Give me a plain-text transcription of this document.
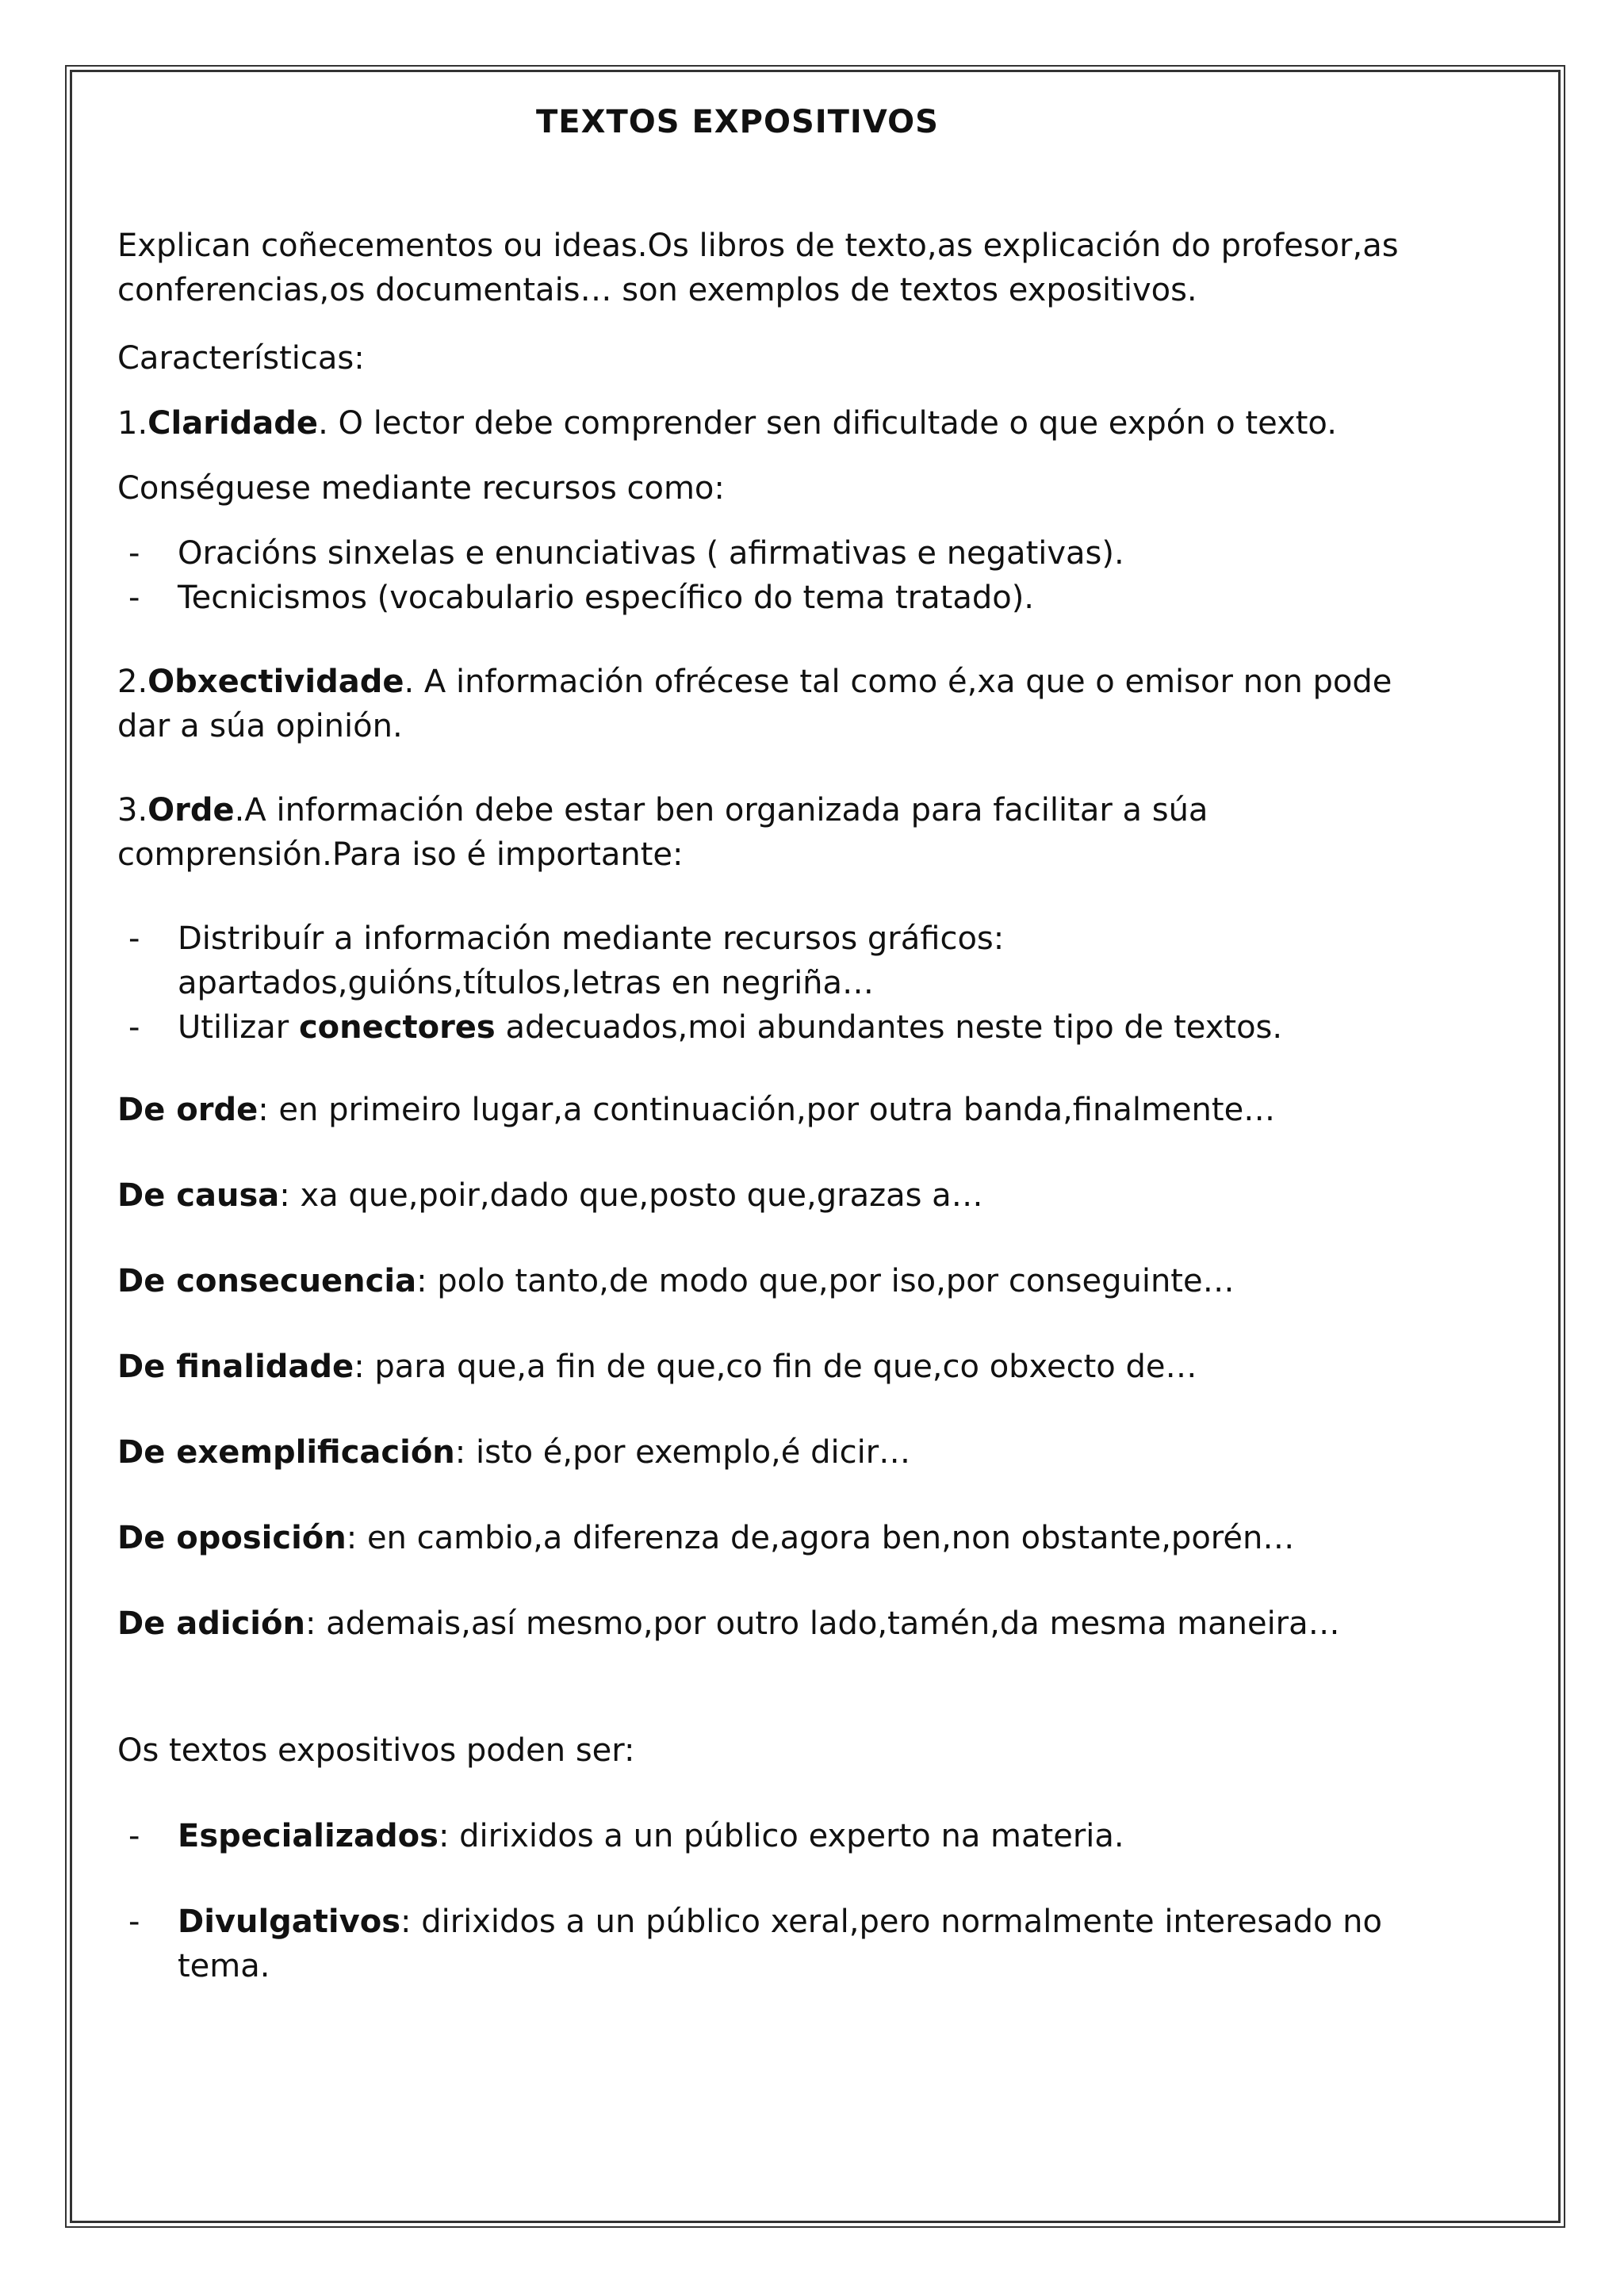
TEXTOS EXPOSITIVOS

Explican coñecementos ou ideas.Os libros de texto,as explicación do profesor,as

conferencias,os documentais… son exemplos de textos expositivos.

Características:

1.Claridade. O lector debe comprender sen dificultade o que expón o texto.

Conséguese mediante recursos como:

- Oracións sinxelas e enunciativas ( afirmativas e negativas).

- Tecnicismos (vocabulario específico do tema tratado).

2.Obxectividade. A información ofrécese tal como é,xa que o emisor non pode

dar a súa opinión.

3.Orde.A información debe estar ben organizada para facilitar a súa

comprensión.Para iso é importante:

- Distribuír a información mediante recursos gráficos:

apartados,guións,títulos,letras en negriña…

- Utilizar conectores adecuados,moi abundantes neste tipo de textos.

De orde: en primeiro lugar,a continuación,por outra banda,finalmente…

De causa: xa que,poir,dado que,posto que,grazas a…

De consecuencia: polo tanto,de modo que,por iso,por conseguinte…

De finalidade: para que,a fin de que,co fin de que,co obxecto de…

De exemplificación: isto é,por exemplo,é dicir…

De oposición: en cambio,a diferenza de,agora ben,non obstante,porén…

De adición: ademais,así mesmo,por outro lado,tamén,da mesma maneira…

Os textos expositivos poden ser:

- Especializados: dirixidos a un público experto na materia.

- Divulgativos: dirixidos a un público xeral,pero normalmente interesado no

tema.
